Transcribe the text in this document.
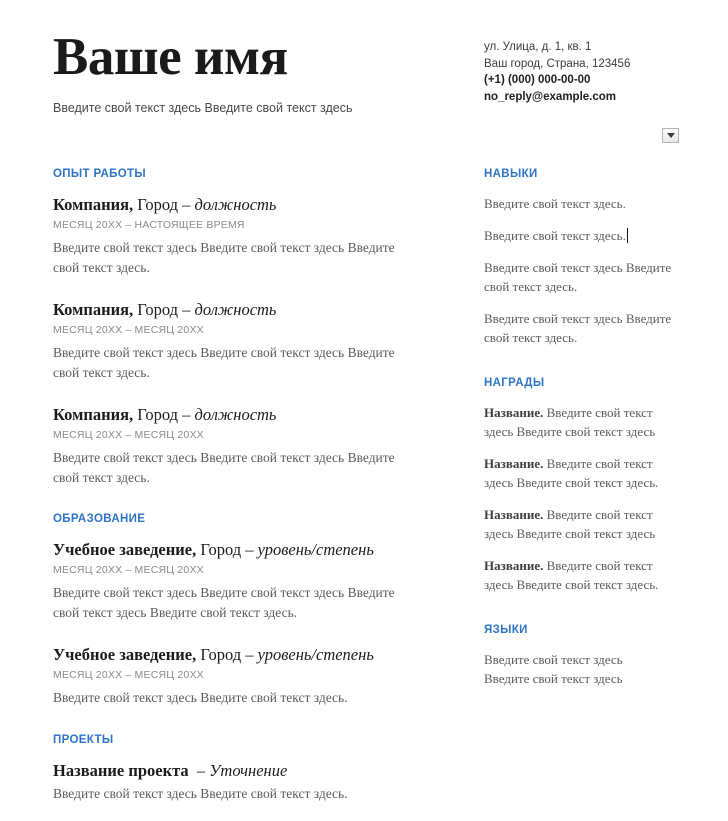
Ваше имя
Введите свой текст здесь Введите свой текст здесь
ул. Улица, д. 1, кв. 1
Ваш город, Страна, 123456
(+1) (000) 000-00-00
no_reply@example.com
ОПЫТ РАБОТЫ
Компания, Город – должность
МЕСЯЦ 20XX – НАСТОЯЩЕЕ ВРЕМЯ

Введите свой текст здесь Введите свой текст здесь Введите свой текст здесь.

Компания, Город – должность
МЕСЯЦ 20XX – МЕСЯЦ 20XX

Введите свой текст здесь Введите свой текст здесь Введите свой текст здесь.

Компания, Город – должность
МЕСЯЦ 20XX – МЕСЯЦ 20XX

Введите свой текст здесь Введите свой текст здесь Введите свой текст здесь.

ОБРАЗОВАНИЕ
Учебное заведение, Город – уровень/степень
МЕСЯЦ 20XX – МЕСЯЦ 20XX

Введите свой текст здесь Введите свой текст здесь Введите свой текст здесь Введите свой текст здесь.

Учебное заведение, Город – уровень/степень
МЕСЯЦ 20XX – МЕСЯЦ 20XX

Введите свой текст здесь Введите свой текст здесь.

ПРОЕКТЫ
Название проекта – Уточнение

Введите свой текст здесь Введите свой текст здесь.

НАВЫКИ

Введите свой текст здесь.

Введите свой текст здесь.

Введите свой текст здесь Введите свой текст здесь.

Введите свой текст здесь Введите свой текст здесь.

НАГРАДЫ

Название. Введите свой текст здесь Введите свой текст здесь

Название. Введите свой текст здесь Введите свой текст здесь.

Название. Введите свой текст здесь Введите свой текст здесь

Название. Введите свой текст здесь Введите свой текст здесь.

ЯЗЫКИ

Введите свой текст здесь

Введите свой текст здесь
